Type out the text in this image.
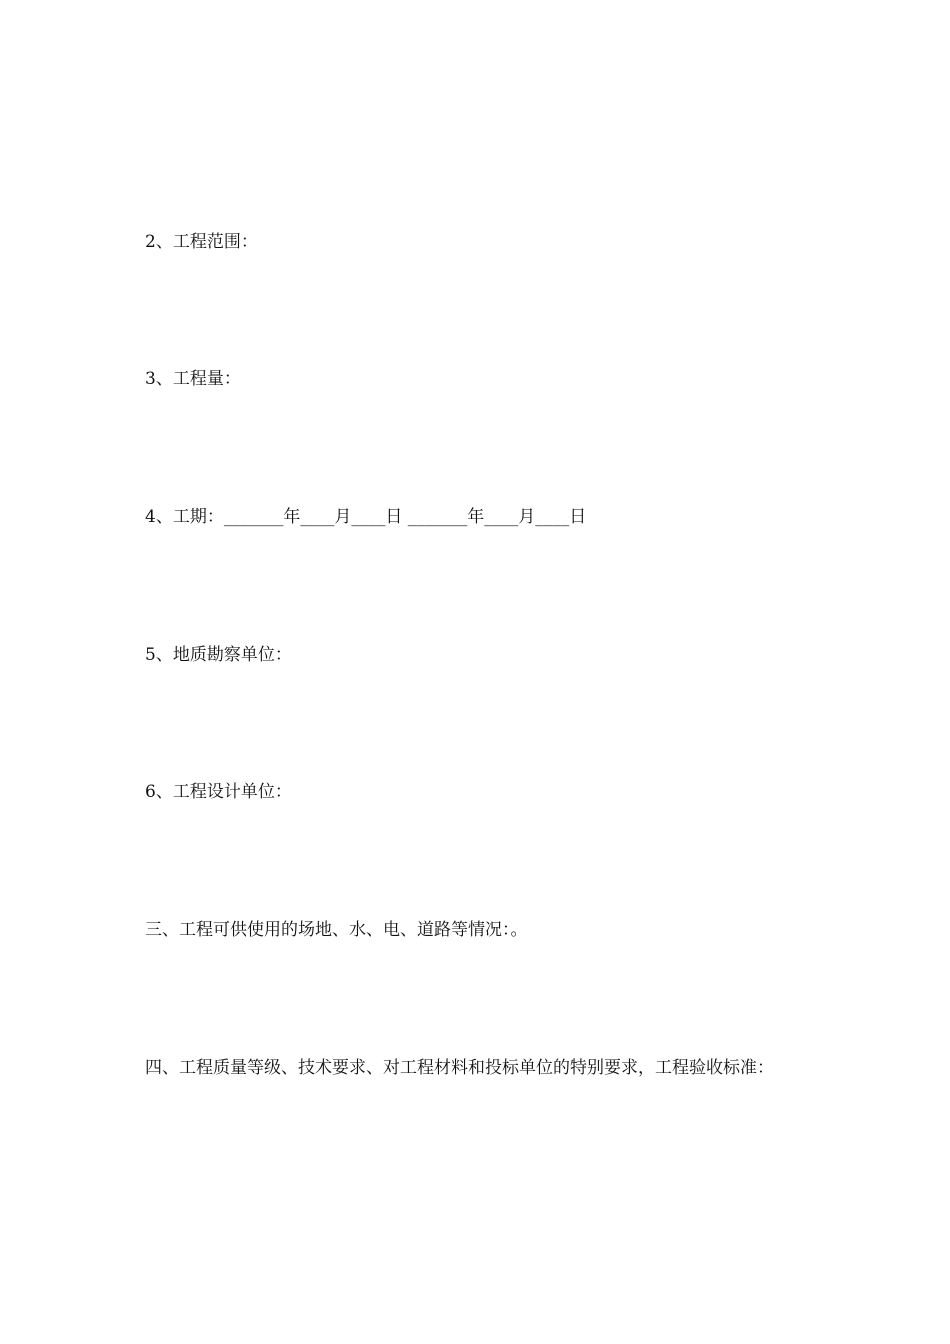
2、工程范围：
3、工程量：
4、工期：_______年____月____日 _______年____月____日
5、地质勘察单位：
6、工程设计单位：
三、工程可供使用的场地、水、电、道路等情况：。
四、工程质量等级、技术要求、对工程材料和投标单位的特别要求，工程验收标准：
